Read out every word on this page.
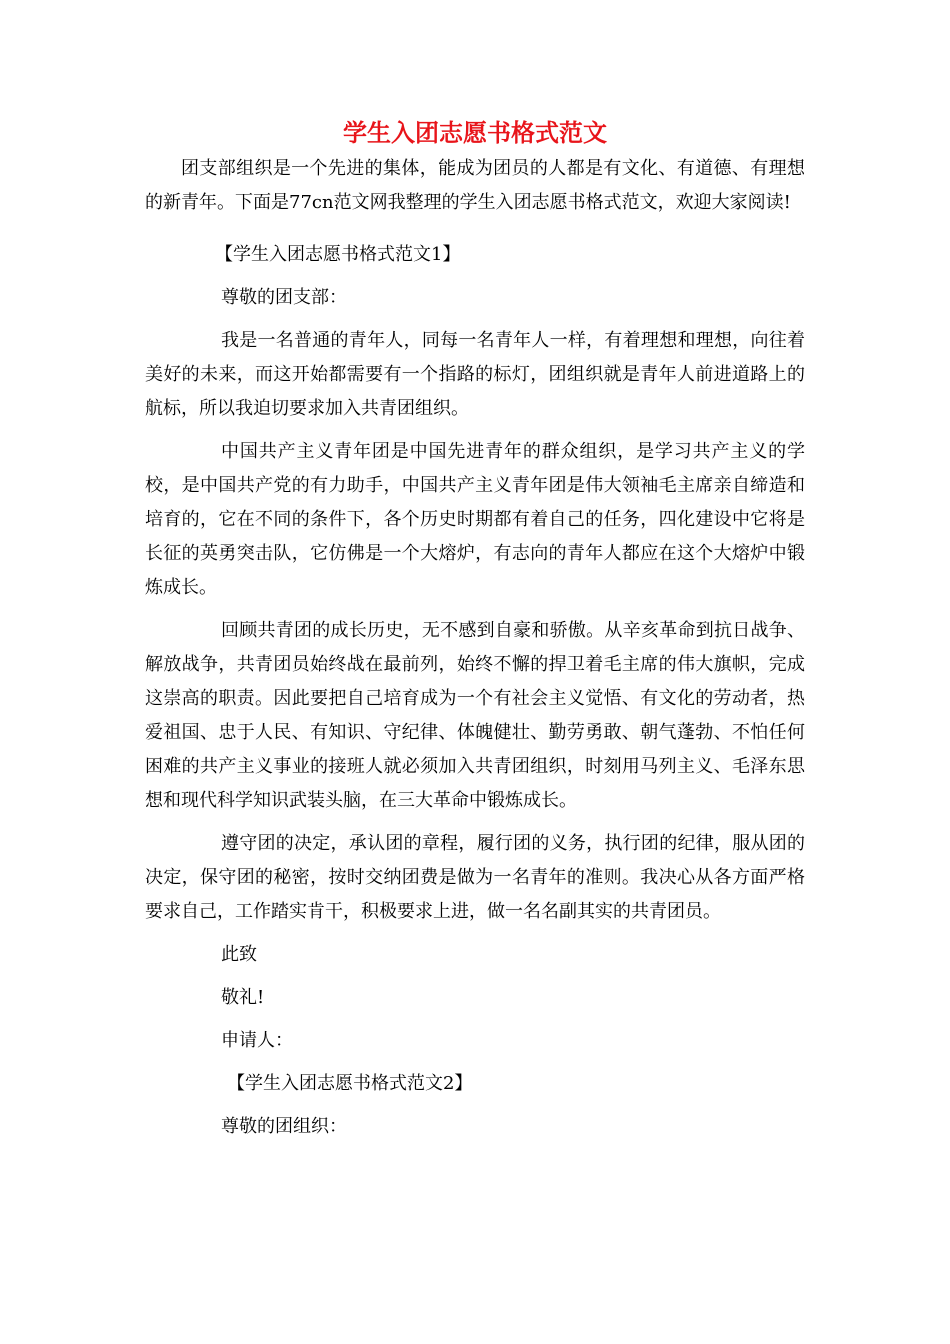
学生入团志愿书格式范文

团支部组织是一个先进的集体，能成为团员的人都是有文化、有道德、有理想的新青年。下面是77cn范文网我整理的学生入团志愿书格式范文，欢迎大家阅读!

【学生入团志愿书格式范文1】

尊敬的团支部：

我是一名普通的青年人，同每一名青年人一样，有着理想和理想，向往着美好的未来，而这开始都需要有一个指路的标灯，团组织就是青年人前进道路上的航标，所以我迫切要求加入共青团组织。

中国共产主义青年团是中国先进青年的群众组织，是学习共产主义的学校，是中国共产党的有力助手，中国共产主义青年团是伟大领袖毛主席亲自缔造和培育的，它在不同的条件下，各个历史时期都有着自己的任务，四化建设中它将是长征的英勇突击队，它仿佛是一个大熔炉，有志向的青年人都应在这个大熔炉中锻炼成长。

回顾共青团的成长历史，无不感到自豪和骄傲。从辛亥革命到抗日战争、解放战争，共青团员始终战在最前列，始终不懈的捍卫着毛主席的伟大旗帜，完成这崇高的职责。因此要把自己培育成为一个有社会主义觉悟、有文化的劳动者，热爱祖国、忠于人民、有知识、守纪律、体魄健壮、勤劳勇敢、朝气蓬勃、不怕任何困难的共产主义事业的接班人就必须加入共青团组织，时刻用马列主义、毛泽东思想和现代科学知识武装头脑，在三大革命中锻炼成长。

遵守团的决定，承认团的章程，履行团的义务，执行团的纪律，服从团的决定，保守团的秘密，按时交纳团费是做为一名青年的准则。我决心从各方面严格要求自己，工作踏实肯干，积极要求上进，做一名名副其实的共青团员。

此致

敬礼!

申请人：

【学生入团志愿书格式范文2】

尊敬的团组织：
